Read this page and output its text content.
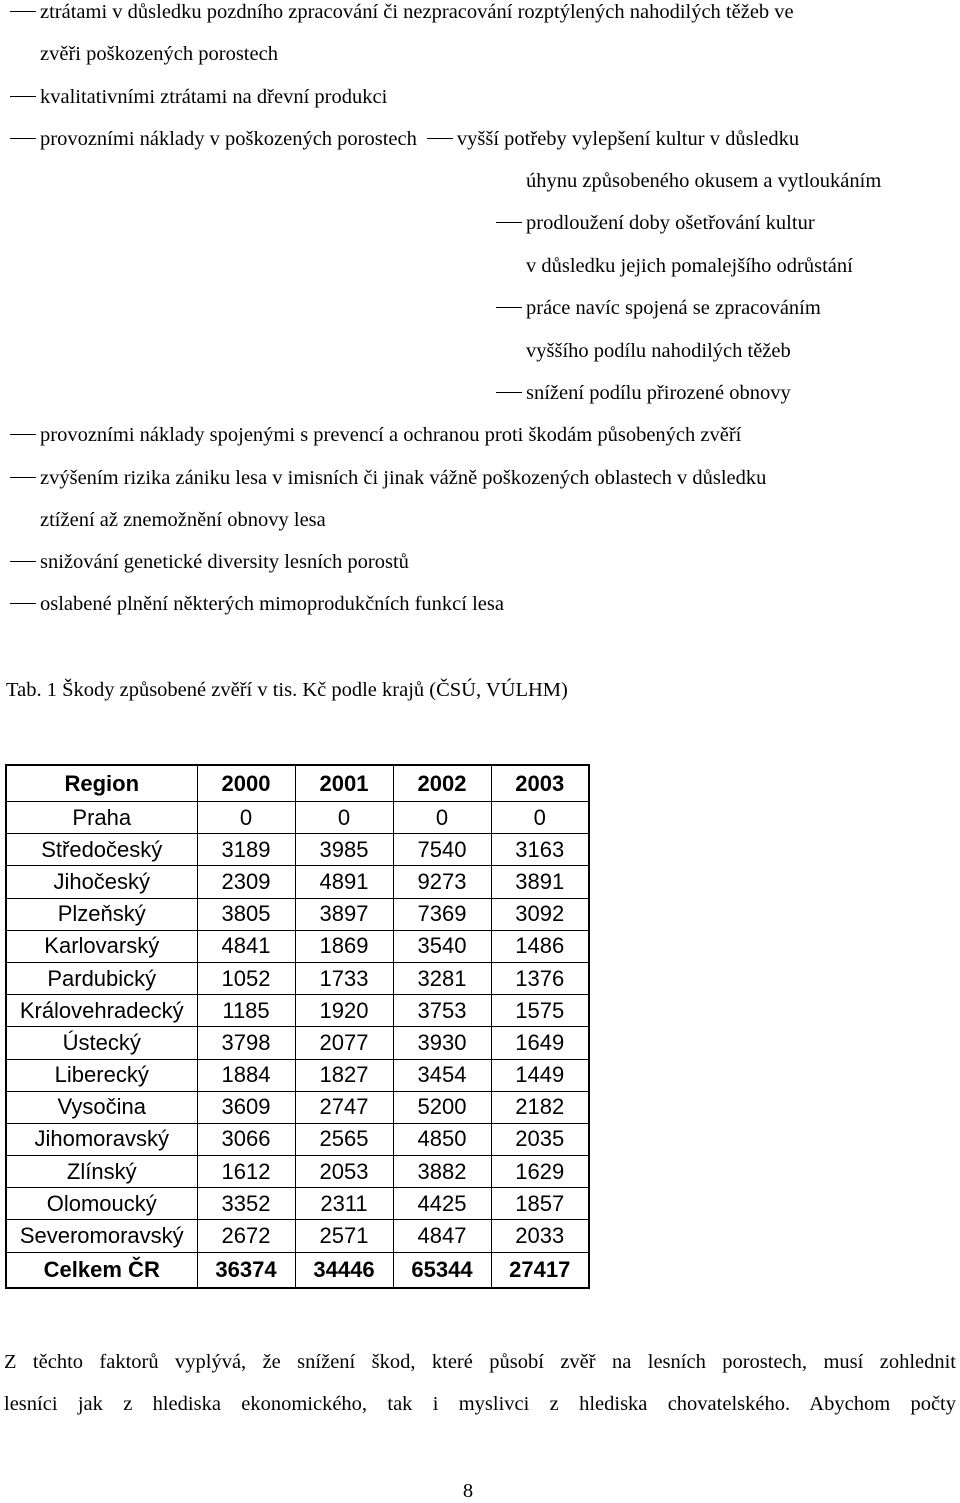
ztrátami v důsledku pozdního zpracování či nezpracování rozptýlených nahodilých těžeb ve
zvěři poškozených porostech
kvalitativními ztrátami na dřevní produkci
provozními náklady v poškozených porostech vyšší potřeby vylepšení kultur v důsledku
úhynu způsobeného okusem a vytloukáním
prodloužení doby ošetřování kultur
v důsledku jejich pomalejšího odrůstání
práce navíc spojená se zpracováním
vyššího podílu nahodilých těžeb
snížení podílu přirozené obnovy
provozními náklady spojenými s prevencí a ochranou proti škodám působených zvěří
zvýšením rizika zániku lesa v imisních či jinak vážně poškozených oblastech v důsledku
ztížení až znemožnění obnovy lesa
snižování genetické diversity lesních porostů
oslabené plnění některých mimoprodukčních funkcí lesa
Tab. 1 Škody způsobené zvěří v tis. Kč podle krajů (ČSÚ, VÚLHM)
Region	2000	2001	2002	2003
Praha	0	0	0	0
Středočeský	3189	3985	7540	3163
Jihočeský	2309	4891	9273	3891
Plzeňský	3805	3897	7369	3092
Karlovarský	4841	1869	3540	1486
Pardubický	1052	1733	3281	1376
Královehradecký	1185	1920	3753	1575
Ústecký	3798	2077	3930	1649
Liberecký	1884	1827	3454	1449
Vysočina	3609	2747	5200	2182
Jihomoravský	3066	2565	4850	2035
Zlínský	1612	2053	3882	1629
Olomoucký	3352	2311	4425	1857
Severomoravský	2672	2571	4847	2033
Celkem ČR	36374	34446	65344	27417
Z těchto faktorů vyplývá, že snížení škod, které působí zvěř na lesních porostech, musí zohlednit
lesníci jak z hlediska ekonomického, tak i myslivci z hlediska chovatelského. Abychom počty
8
